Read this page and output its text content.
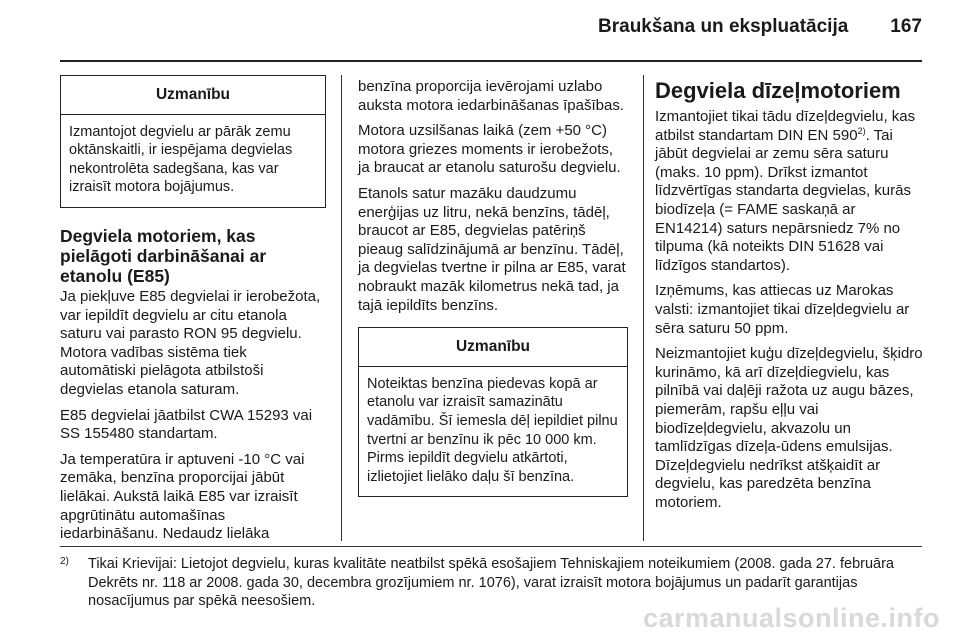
Braukšana un ekspluatācija 167
Uzmanību
Izmantojot degvielu ar pārāk zemu oktānskaitli, ir iespējama degvielas nekontrolēta sadegšana, kas var izraisīt motora bojājumus.
Degviela motoriem, kas pielāgoti darbināšanai ar etanolu (E85)

Ja piekļuve E85 degvielai ir ierobežota, var iepildīt degvielu ar citu etanola saturu vai parasto RON 95 degvielu. Motora vadības sistēma tiek automātiski pielāgota atbilstoši degvielas etanola saturam.

E85 degvielai jāatbilst CWA 15293 vai SS 155480 standartam.

Ja temperatūra ir aptuveni -10 °C vai zemāka, benzīna proporcijai jābūt lielākai. Aukstā laikā E85 var izraisīt apgrūtinātu automašīnas iedarbināšanu. Nedaudz lielāka

benzīna proporcija ievērojami uzlabo auksta motora iedarbināšanas īpašības.

Motora uzsilšanas laikā (zem +50 °C) motora griezes moments ir ierobežots, ja braucat ar etanolu saturošu degvielu.

Etanols satur mazāku daudzumu enerģijas uz litru, nekā benzīns, tādēļ, braucot ar E85, degvielas patēriņš pieaug salīdzinājumā ar benzīnu. Tādēļ, ja degvielas tvertne ir pilna ar E85, varat nobraukt mazāk kilometrus nekā tad, ja tajā iepildīts benzīns.

Uzmanību
Noteiktas benzīna piedevas kopā ar etanolu var izraisīt samazinātu vadāmību. Šī iemesla dēļ iepildiet pilnu tvertni ar benzīnu ik pēc 10 000 km. Pirms iepildīt degvielu atkārtoti, izlietojiet lielāko daļu šī benzīna.
Degviela dīzeļmotoriem

Izmantojiet tikai tādu dīzeļdegvielu, kas atbilst standartam DIN EN 590$^{2)}$. Tai jābūt degvielai ar zemu sēra saturu (maks. 10 ppm). Drīkst izmantot līdzvērtīgas standarta degvielas, kurās biodīzeļa (= FAME saskaņā ar EN14214) saturs nepārsniedz 7% no tilpuma (kā noteikts DIN 51628 vai līdzīgos standartos).

Izņēmums, kas attiecas uz Marokas valsti: izmantojiet tikai dīzeļdegvielu ar sēra saturu 50 ppm.

Neizmantojiet kuģu dīzeļdegvielu, šķidro kurināmo, kā arī dīzeļdiegvielu, kas pilnībā vai daļēji ražota uz augu bāzes, piemerām, rapšu eļļu vai biodīzeļdegvielu, akvazolu un tamlīdzīgas dīzeļa-ūdens emulsijas. Dīzeļdegvielu nedrīkst atšķaidīt ar degvielu, kas paredzēta benzīna motoriem.

2)	Tikai Krievijai: Lietojot degvielu, kuras kvalitāte neatbilst spēkā esošajiem Tehniskajiem noteikumiem (2008. gada 27. februāra Dekrēts nr. 118 ar 2008. gada 30, decembra grozījumiem nr. 1076), varat izraisīt motora bojājumus un padarīt garantijas nosacījumus par spēkā neesošiem.
carmanualsonline.info
